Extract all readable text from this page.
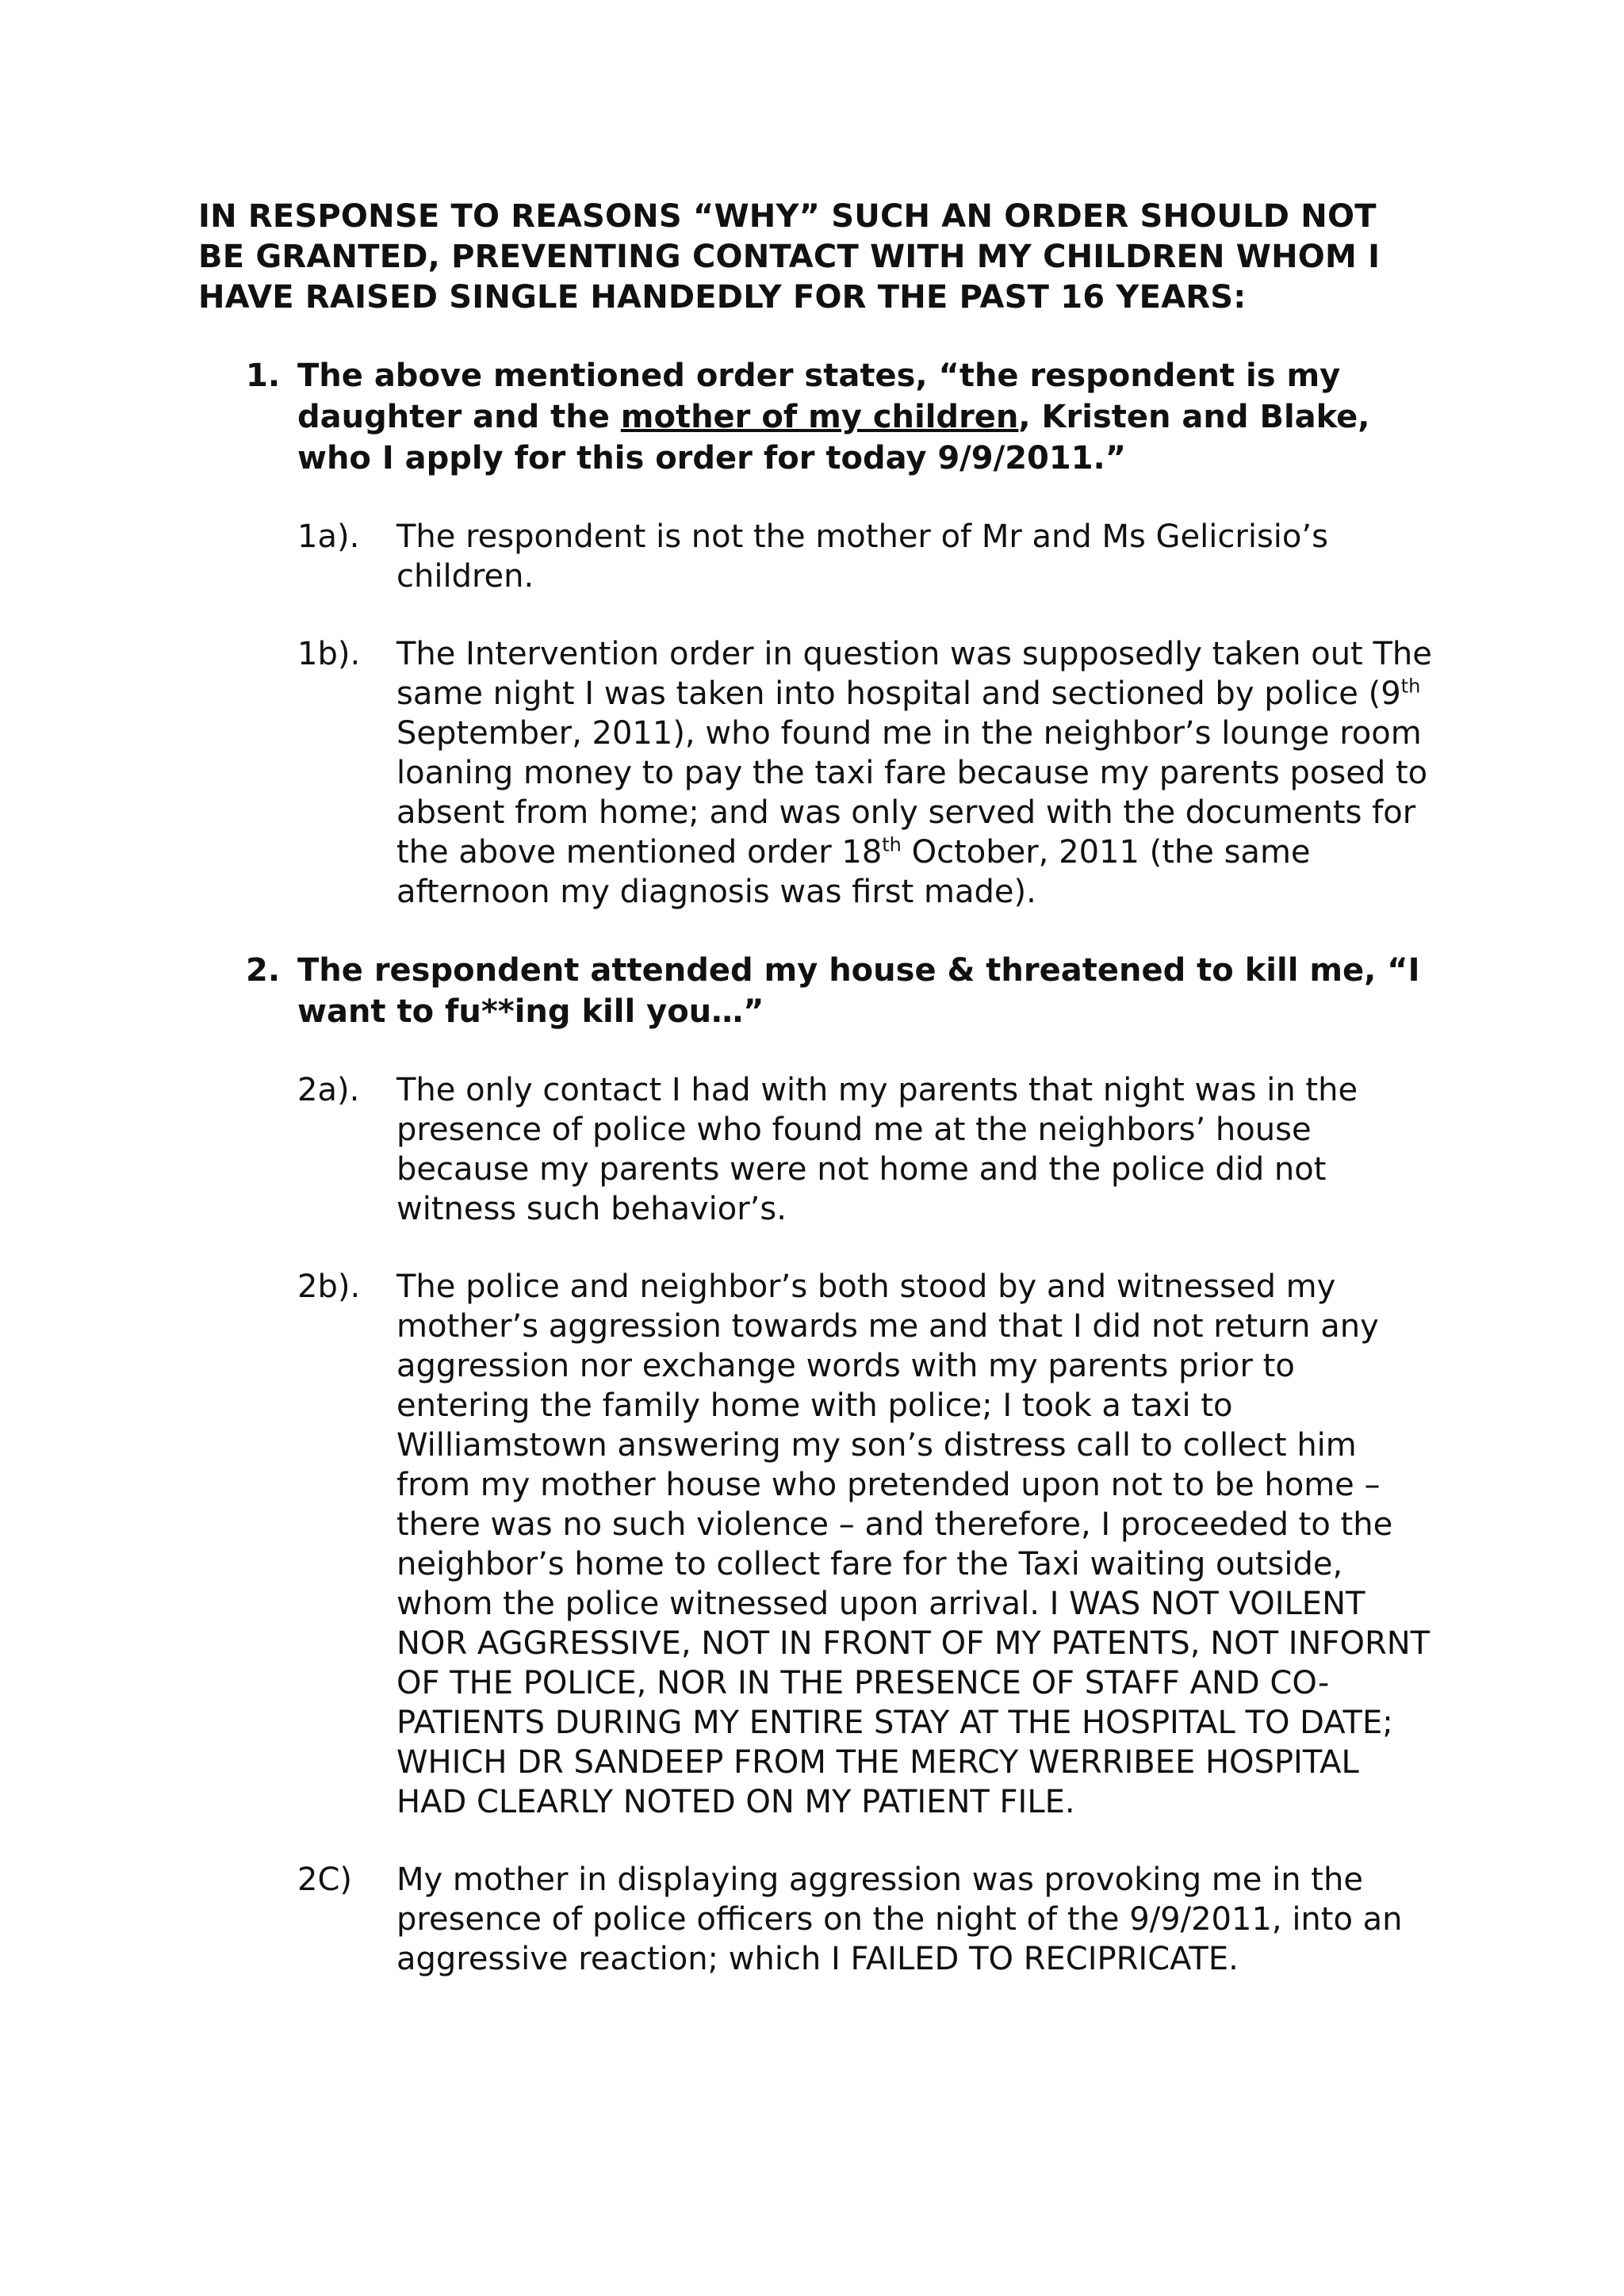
IN RESPONSE TO REASONS “WHY” SUCH AN ORDER SHOULD NOT BE GRANTED, PREVENTING CONTACT WITH MY CHILDREN WHOM I HAVE RAISED SINGLE HANDEDLY FOR THE PAST 16 YEARS:

1. The above mentioned order states, “the respondent is my daughter and the mother of my children, Kristen and Blake, who I apply for this order for today 9/9/2011.”
1a). The respondent is not the mother of Mr and Ms Gelicrisio’s children.
1b). The Intervention order in question was supposedly taken out The same night I was taken into hospital and sectioned by police (9th September, 2011), who found me in the neighbor’s lounge room loaning money to pay the taxi fare because my parents posed to absent from home; and was only served with the documents for the above mentioned order 18th October, 2011 (the same afternoon my diagnosis was first made).
2. The respondent attended my house & threatened to kill me, “I want to fu**ing kill you…”
2a). The only contact I had with my parents that night was in the presence of police who found me at the neighbors’ house because my parents were not home and the police did not witness such behavior’s.
2b). The police and neighbor’s both stood by and witnessed my mother’s aggression towards me and that I did not return any aggression nor exchange words with my parents prior to entering the family home with police; I took a taxi to Williamstown answering my son’s distress call to collect him from my mother house who pretended upon not to be home – there was no such violence – and therefore, I proceeded to the neighbor’s home to collect fare for the Taxi waiting outside, whom the police witnessed upon arrival. I WAS NOT VOILENT NOR AGGRESSIVE, NOT IN FRONT OF MY PATENTS, NOT INFORNT OF THE POLICE, NOR IN THE PRESENCE OF STAFF AND CO-PATIENTS DURING MY ENTIRE STAY AT THE HOSPITAL TO DATE; WHICH DR SANDEEP FROM THE MERCY WERRIBEE HOSPITAL HAD CLEARLY NOTED ON MY PATIENT FILE.
2C) My mother in displaying aggression was provoking me in the presence of police officers on the night of the 9/9/2011, into an aggressive reaction; which I FAILED TO RECIPRICATE.
